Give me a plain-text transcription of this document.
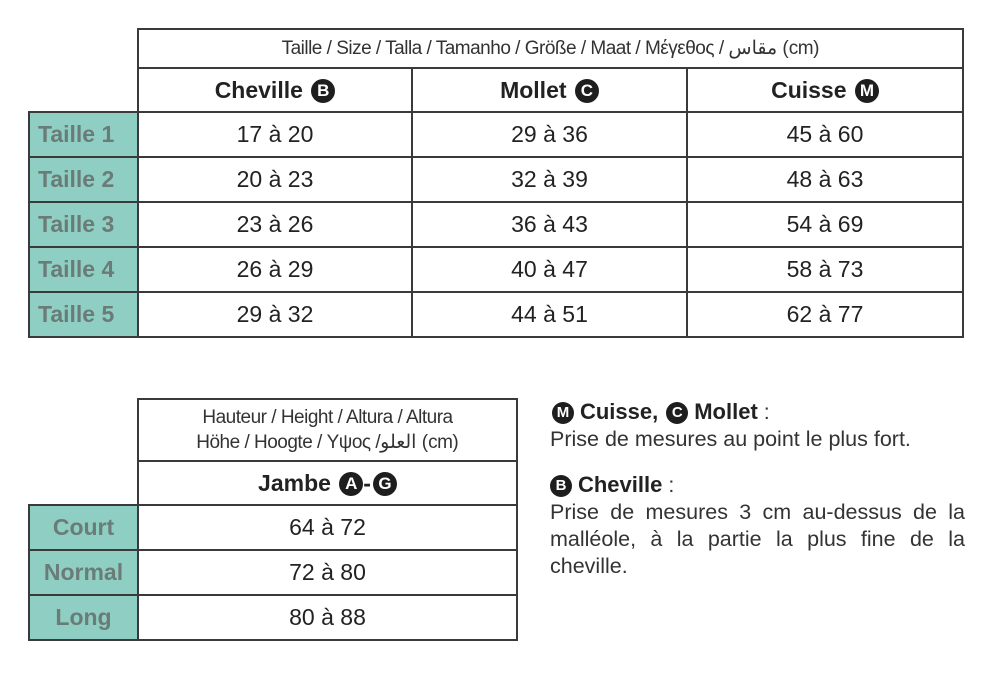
	Taille / Size / Talla / Tamanho / Größe / Maat / Μέγεθος / مقاس (cm)		
	Cheville B	Mollet C	Cuisse M
Taille 1	17 à 20	29 à 36	45 à 60
Taille 2	20 à 23	32 à 39	48 à 63
Taille 3	23 à 26	36 à 43	54 à 69
Taille 4	26 à 29	40 à 47	58 à 73
Taille 5	29 à 32	44 à 51	62 à 77

	Hauteur / Height / Altura / Altura
Höhe / Hoogte / Υψος /العلو (cm)

	Jambe A - G
Court	64 à 72
Normal	72 à 80
Long	80 à 88

M Cuisse, C Mollet :

Prise de mesures au point le plus fort.

B Cheville :

Prise de mesures 3 cm au-dessus de la malléole, à la partie la plus fine de la cheville.
